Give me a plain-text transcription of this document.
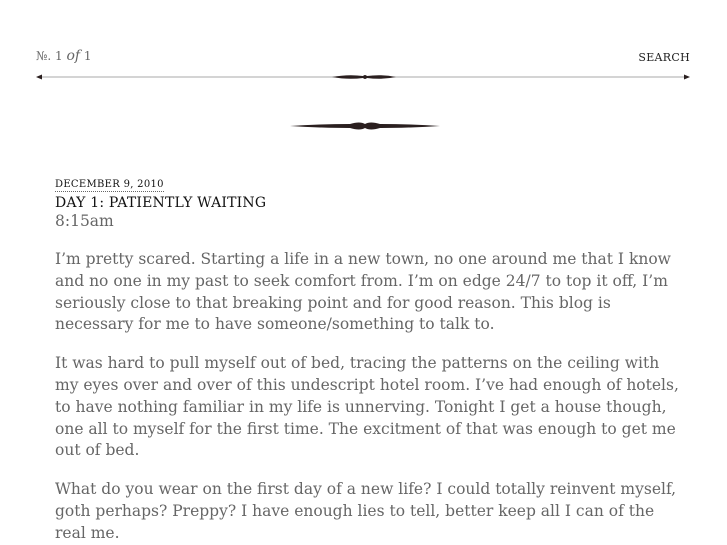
№. 1 of 1	SEARCH
DECEMBER 9, 2010
DAY 1: PATIENTLY WAITING
8:15am

I’m pretty scared. Starting a life in a new town, no one around me that I know and no one in my past to seek comfort from. I’m on edge 24/7 to top it off, I’m seriously close to that breaking point and for good reason. This blog is necessary for me to have someone/something to talk to.

It was hard to pull myself out of bed, tracing the patterns on the ceiling with my eyes over and over of this undescript hotel room. I’ve had enough of hotels, to have nothing familiar in my life is unnerving. Tonight I get a house though, one all to myself for the first time. The excitment of that was enough to get me out of bed.

What do you wear on the first day of a new life? I could totally reinvent myself, goth perhaps? Preppy? I have enough lies to tell, better keep all I can of the real me.
